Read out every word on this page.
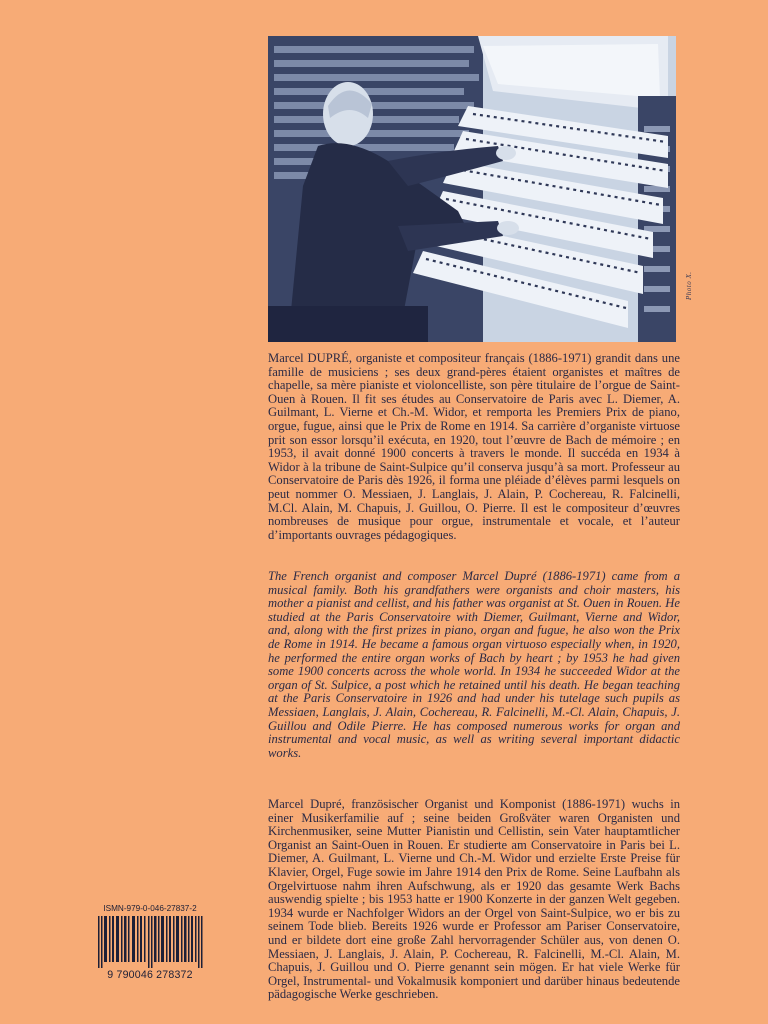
Photo X.

Marcel DUPRÉ, organiste et compositeur français (1886-1971) grandit dans une famille de musiciens ; ses deux grand-pères étaient organistes et maîtres de chapelle, sa mère pianiste et violoncelliste, son père titulaire de l’orgue de Saint-Ouen à Rouen. Il fit ses études au Conservatoire de Paris avec L. Diemer, A. Guilmant, L. Vierne et Ch.-M. Widor, et remporta les Premiers Prix de piano, orgue, fugue, ainsi que le Prix de Rome en 1914. Sa carrière d’organiste virtuose prit son essor lorsqu’il exécuta, en 1920, tout l’œuvre de Bach de mémoire ; en 1953, il avait donné 1900 concerts à travers le monde. Il succéda en 1934 à Widor à la tribune de Saint-Sulpice qu’il conserva jusqu’à sa mort. Professeur au Conservatoire de Paris dès 1926, il forma une pléiade d’élèves parmi lesquels on peut nommer O. Messiaen, J. Langlais, J. Alain, P. Cochereau, R. Falcinelli, M.Cl. Alain, M. Chapuis, J. Guillou, O. Pierre. Il est le compositeur d’œuvres nombreuses de musique pour orgue, instrumentale et vocale, et l’auteur d’importants ouvrages pédagogiques.

The French organist and composer Marcel Dupré (1886-1971) came from a musical family. Both his grandfathers were organists and choir masters, his mother a pianist and cellist, and his father was organist at St. Ouen in Rouen. He studied at the Paris Conservatoire with Diemer, Guilmant, Vierne and Widor, and, along with the first prizes in piano, organ and fugue, he also won the Prix de Rome in 1914. He became a famous organ virtuoso especially when, in 1920, he performed the entire organ works of Bach by heart ; by 1953 he had given some 1900 concerts across the whole world. In 1934 he succeeded Widor at the organ of St. Sulpice, a post which he retained until his death. He began teaching at the Paris Conservatoire in 1926 and had under his tutelage such pupils as Messiaen, Langlais, J. Alain, Cochereau, R. Falcinelli, M.-Cl. Alain, Chapuis, J. Guillou and Odile Pierre. He has composed numerous works for organ and instrumental and vocal music, as well as writing several important didactic works.

Marcel Dupré, französischer Organist und Komponist (1886-1971) wuchs in einer Musikerfamilie auf ; seine beiden Großväter waren Organisten und Kirchenmusiker, seine Mutter Pianistin und Cellistin, sein Vater hauptamtlicher Organist an Saint-Ouen in Rouen. Er studierte am Conservatoire in Paris bei L. Diemer, A. Guilmant, L. Vierne und Ch.-M. Widor und erzielte Erste Preise für Klavier, Orgel, Fuge sowie im Jahre 1914 den Prix de Rome. Seine Laufbahn als Orgelvirtuose nahm ihren Aufschwung, als er 1920 das gesamte Werk Bachs auswendig spielte ; bis 1953 hatte er 1900 Konzerte in der ganzen Welt gegeben. 1934 wurde er Nachfolger Widors an der Orgel von Saint-Sulpice, wo er bis zu seinem Tode blieb. Bereits 1926 wurde er Professor am Pariser Conservatoire, und er bildete dort eine große Zahl hervorragender Schüler aus, von denen O. Messiaen, J. Langlais, J. Alain, P. Cochereau, R. Falcinelli, M.-Cl. Alain, M. Chapuis, J. Guillou und O. Pierre genannt sein mögen. Er hat viele Werke für Orgel, Instrumental- und Vokalmusik komponiert und darüber hinaus bedeutende pädagogische Werke geschrieben.

ISMN-979-0-046-27837-2
9 790046 278372
